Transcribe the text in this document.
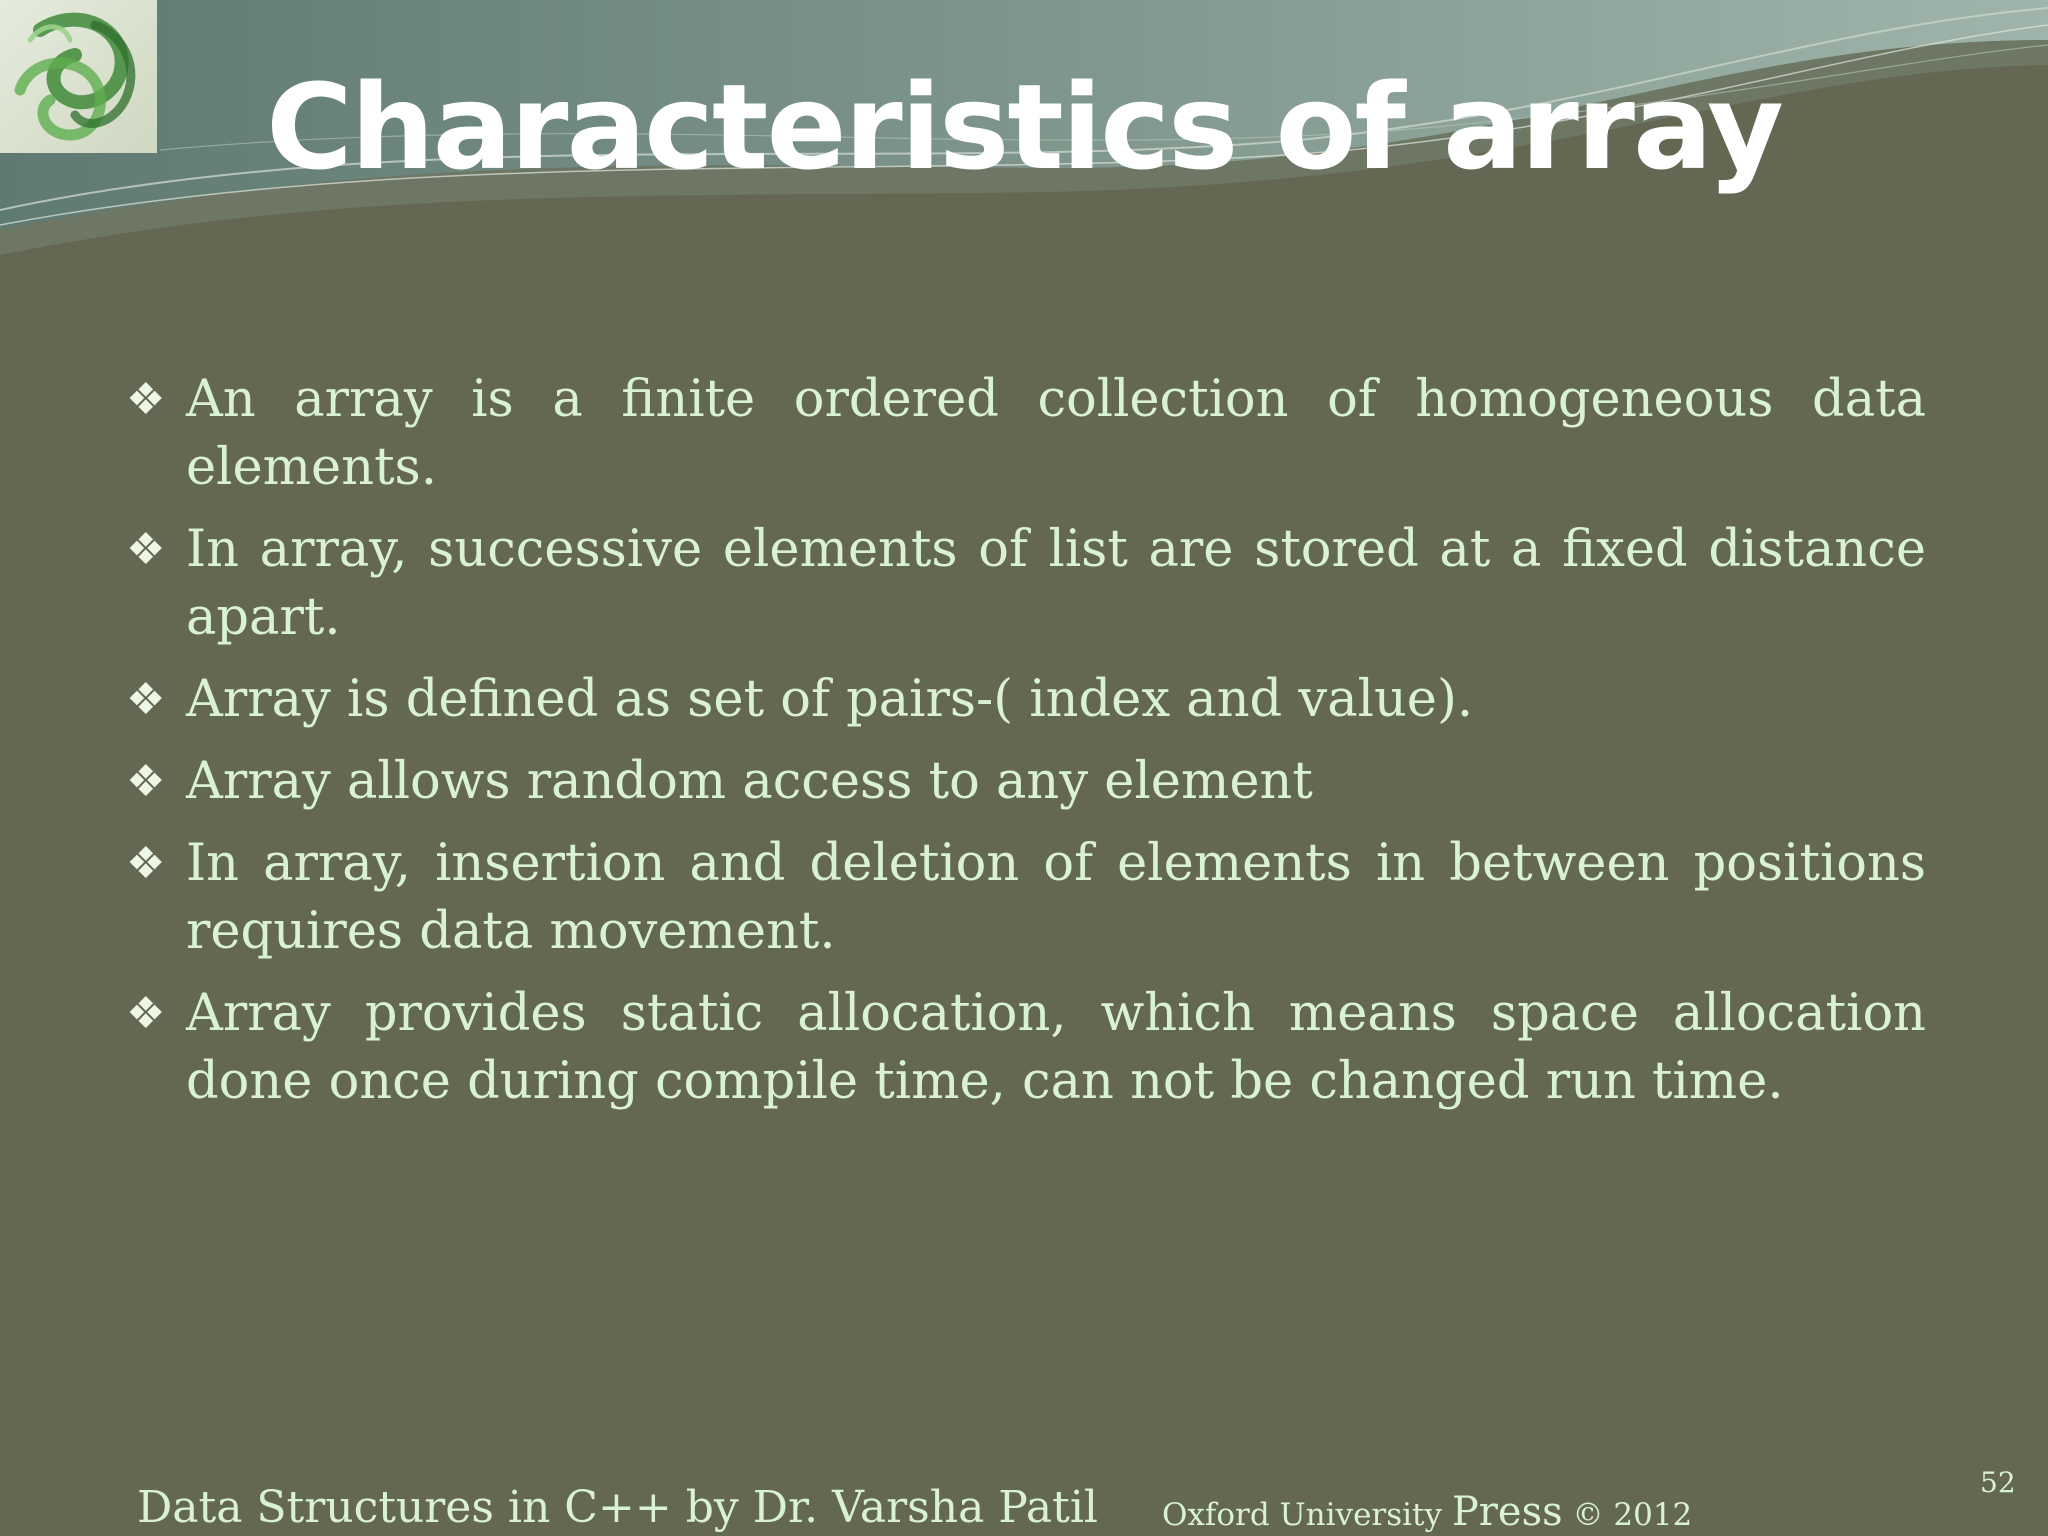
Characteristics of array
❖ An array is a finite ordered collection of homogeneous data elements.
❖ In array, successive elements of list are stored at a fixed distance apart.
❖ Array is defined as set of pairs-( index and value).
❖ Array allows random access to any element
❖ In array, insertion and deletion of elements in between positions requires data movement.
❖ Array provides static allocation, which means space allocation done once during compile time, can not be changed run time.
Data Structures in C++ by Dr. Varsha Patil Oxford University Press © 2012
52
